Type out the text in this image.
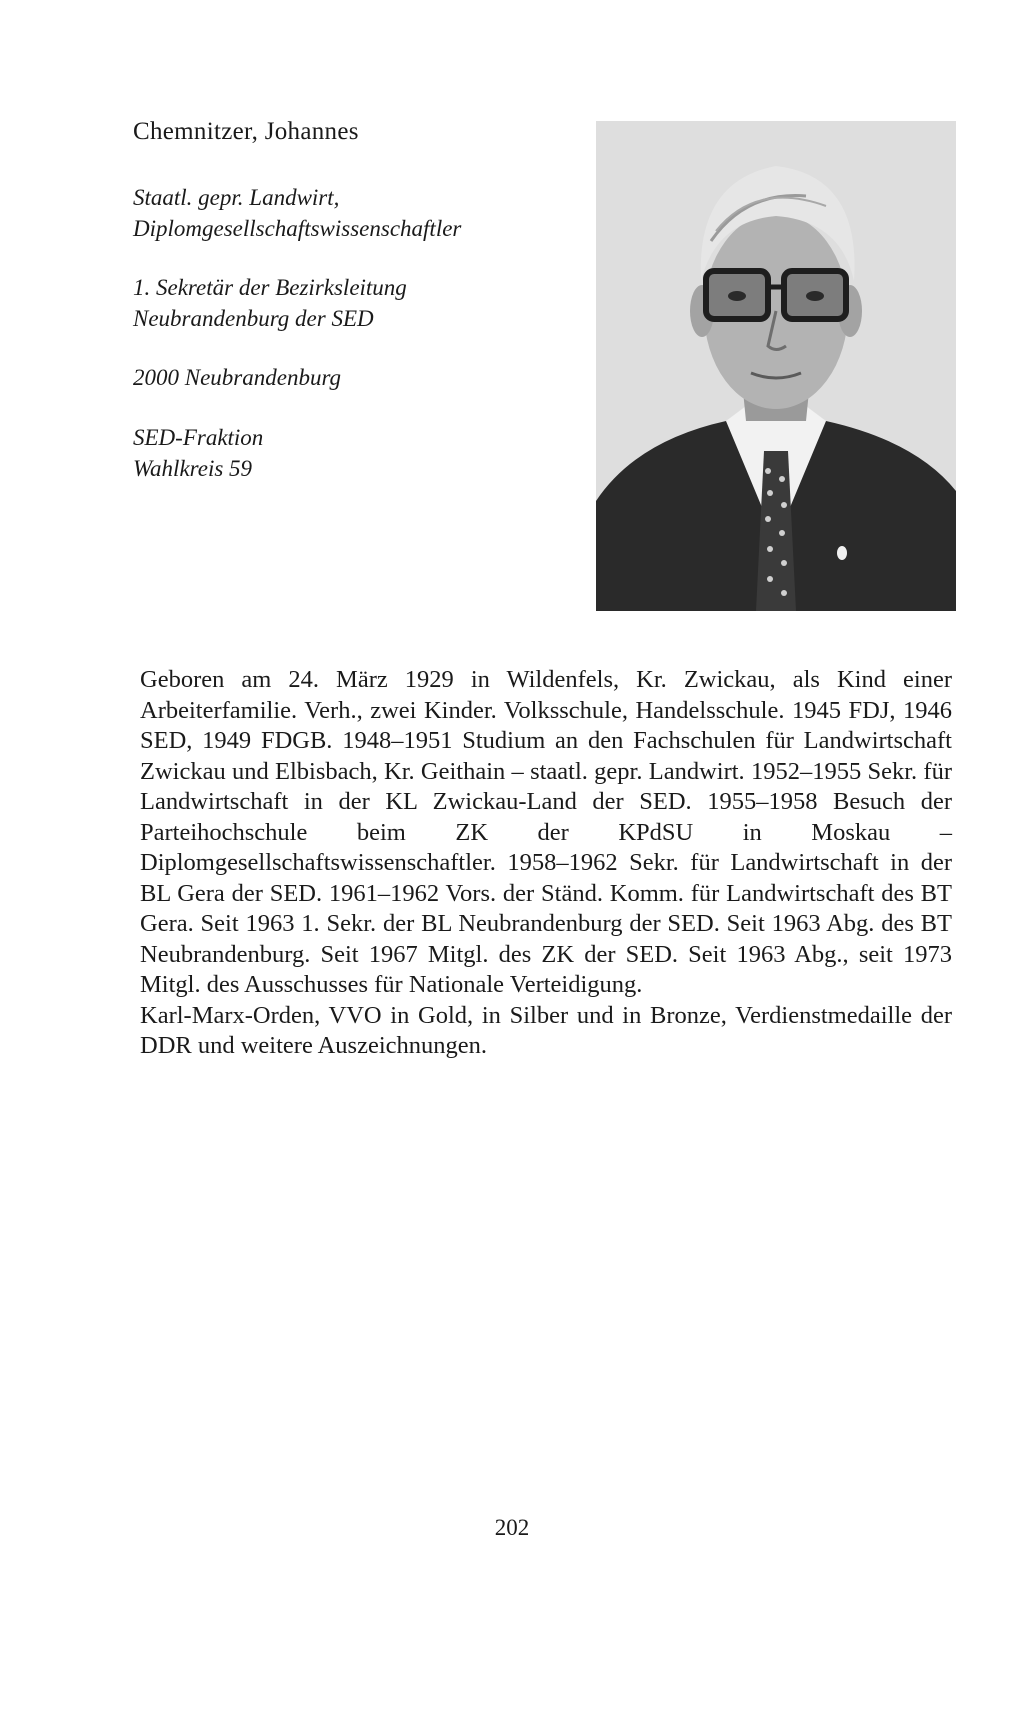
Chemnitzer, Johannes
Staatl. gepr. Landwirt,
Diplomgesellschaftswissenschaftler
1. Sekretär der Bezirksleitung
Neubrandenburg der SED
2000 Neubrandenburg
SED-Fraktion
Wahlkreis 59

Geboren am 24. März 1929 in Wildenfels, Kr. Zwickau, als Kind einer Arbeiterfamilie. Verh., zwei Kinder. Volksschule, Handelsschule. 1945 FDJ, 1946 SED, 1949 FDGB. 1948–1951 Studium an den Fachschulen für Landwirtschaft Zwickau und Elbisbach, Kr. Geithain – staatl. gepr. Landwirt. 1952–1955 Sekr. für Landwirtschaft in der KL Zwickau-Land der SED. 1955–1958 Besuch der Parteihochschule beim ZK der KPdSU in Moskau – Diplomgesellschaftswissenschaftler. 1958–1962 Sekr. für Landwirtschaft in der BL Gera der SED. 1961–1962 Vors. der Ständ. Komm. für Landwirtschaft des BT Gera. Seit 1963 1. Sekr. der BL Neubrandenburg der SED. Seit 1963 Abg. des BT Neubrandenburg. Seit 1967 Mitgl. des ZK der SED. Seit 1963 Abg., seit 1973 Mitgl. des Ausschusses für Nationale Verteidigung.

Karl-Marx-Orden, VVO in Gold, in Silber und in Bronze, Verdienstmedaille der DDR und weitere Auszeichnungen.

202
